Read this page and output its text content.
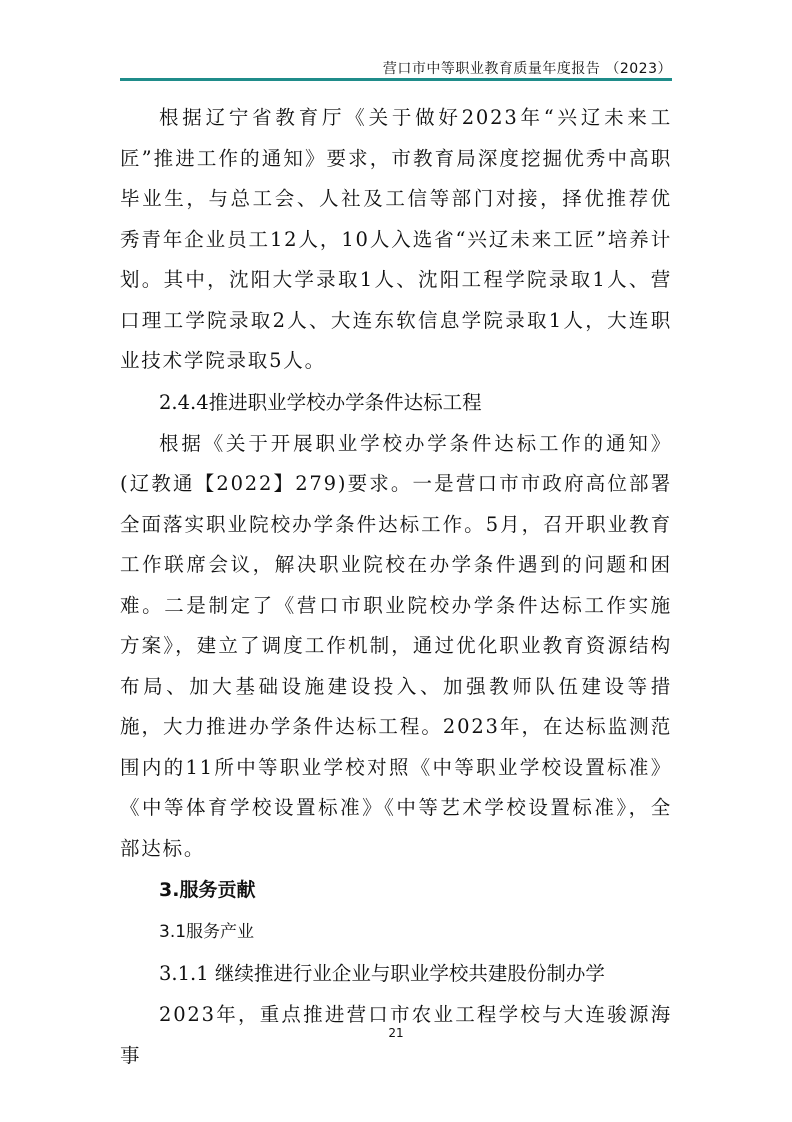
营口市中等职业教育质量年度报告 （2023）

根据辽宁省教育厅《关于做好2023年“兴辽未来工匠”推进工作的通知》要求，市教育局深度挖掘优秀中高职毕业生，与总工会、人社及工信等部门对接，择优推荐优秀青年企业员工12人，10人入选省“兴辽未来工匠”培养计划。其中，沈阳大学录取1人、沈阳工程学院录取1人、营口理工学院录取2人、大连东软信息学院录取1人，大连职业技术学院录取5人。

2.4.4推进职业学校办学条件达标工程

根据《关于开展职业学校办学条件达标工作的通知》(辽教通【2022】279)要求。一是营口市市政府高位部署全面落实职业院校办学条件达标工作。5月，召开职业教育工作联席会议，解决职业院校在办学条件遇到的问题和困难。二是制定了《营口市职业院校办学条件达标工作实施方案》，建立了调度工作机制，通过优化职业教育资源结构布局、加大基础设施建设投入、加强教师队伍建设等措施，大力推进办学条件达标工程。2023年，在达标监测范围内的11所中等职业学校对照《中等职业学校设置标准》《中等体育学校设置标准》《中等艺术学校设置标准》，全部达标。

3.服务贡献

3.1服务产业

3.1.1 继续推进行业企业与职业学校共建股份制办学

2023年，重点推进营口市农业工程学校与大连骏源海事

21
